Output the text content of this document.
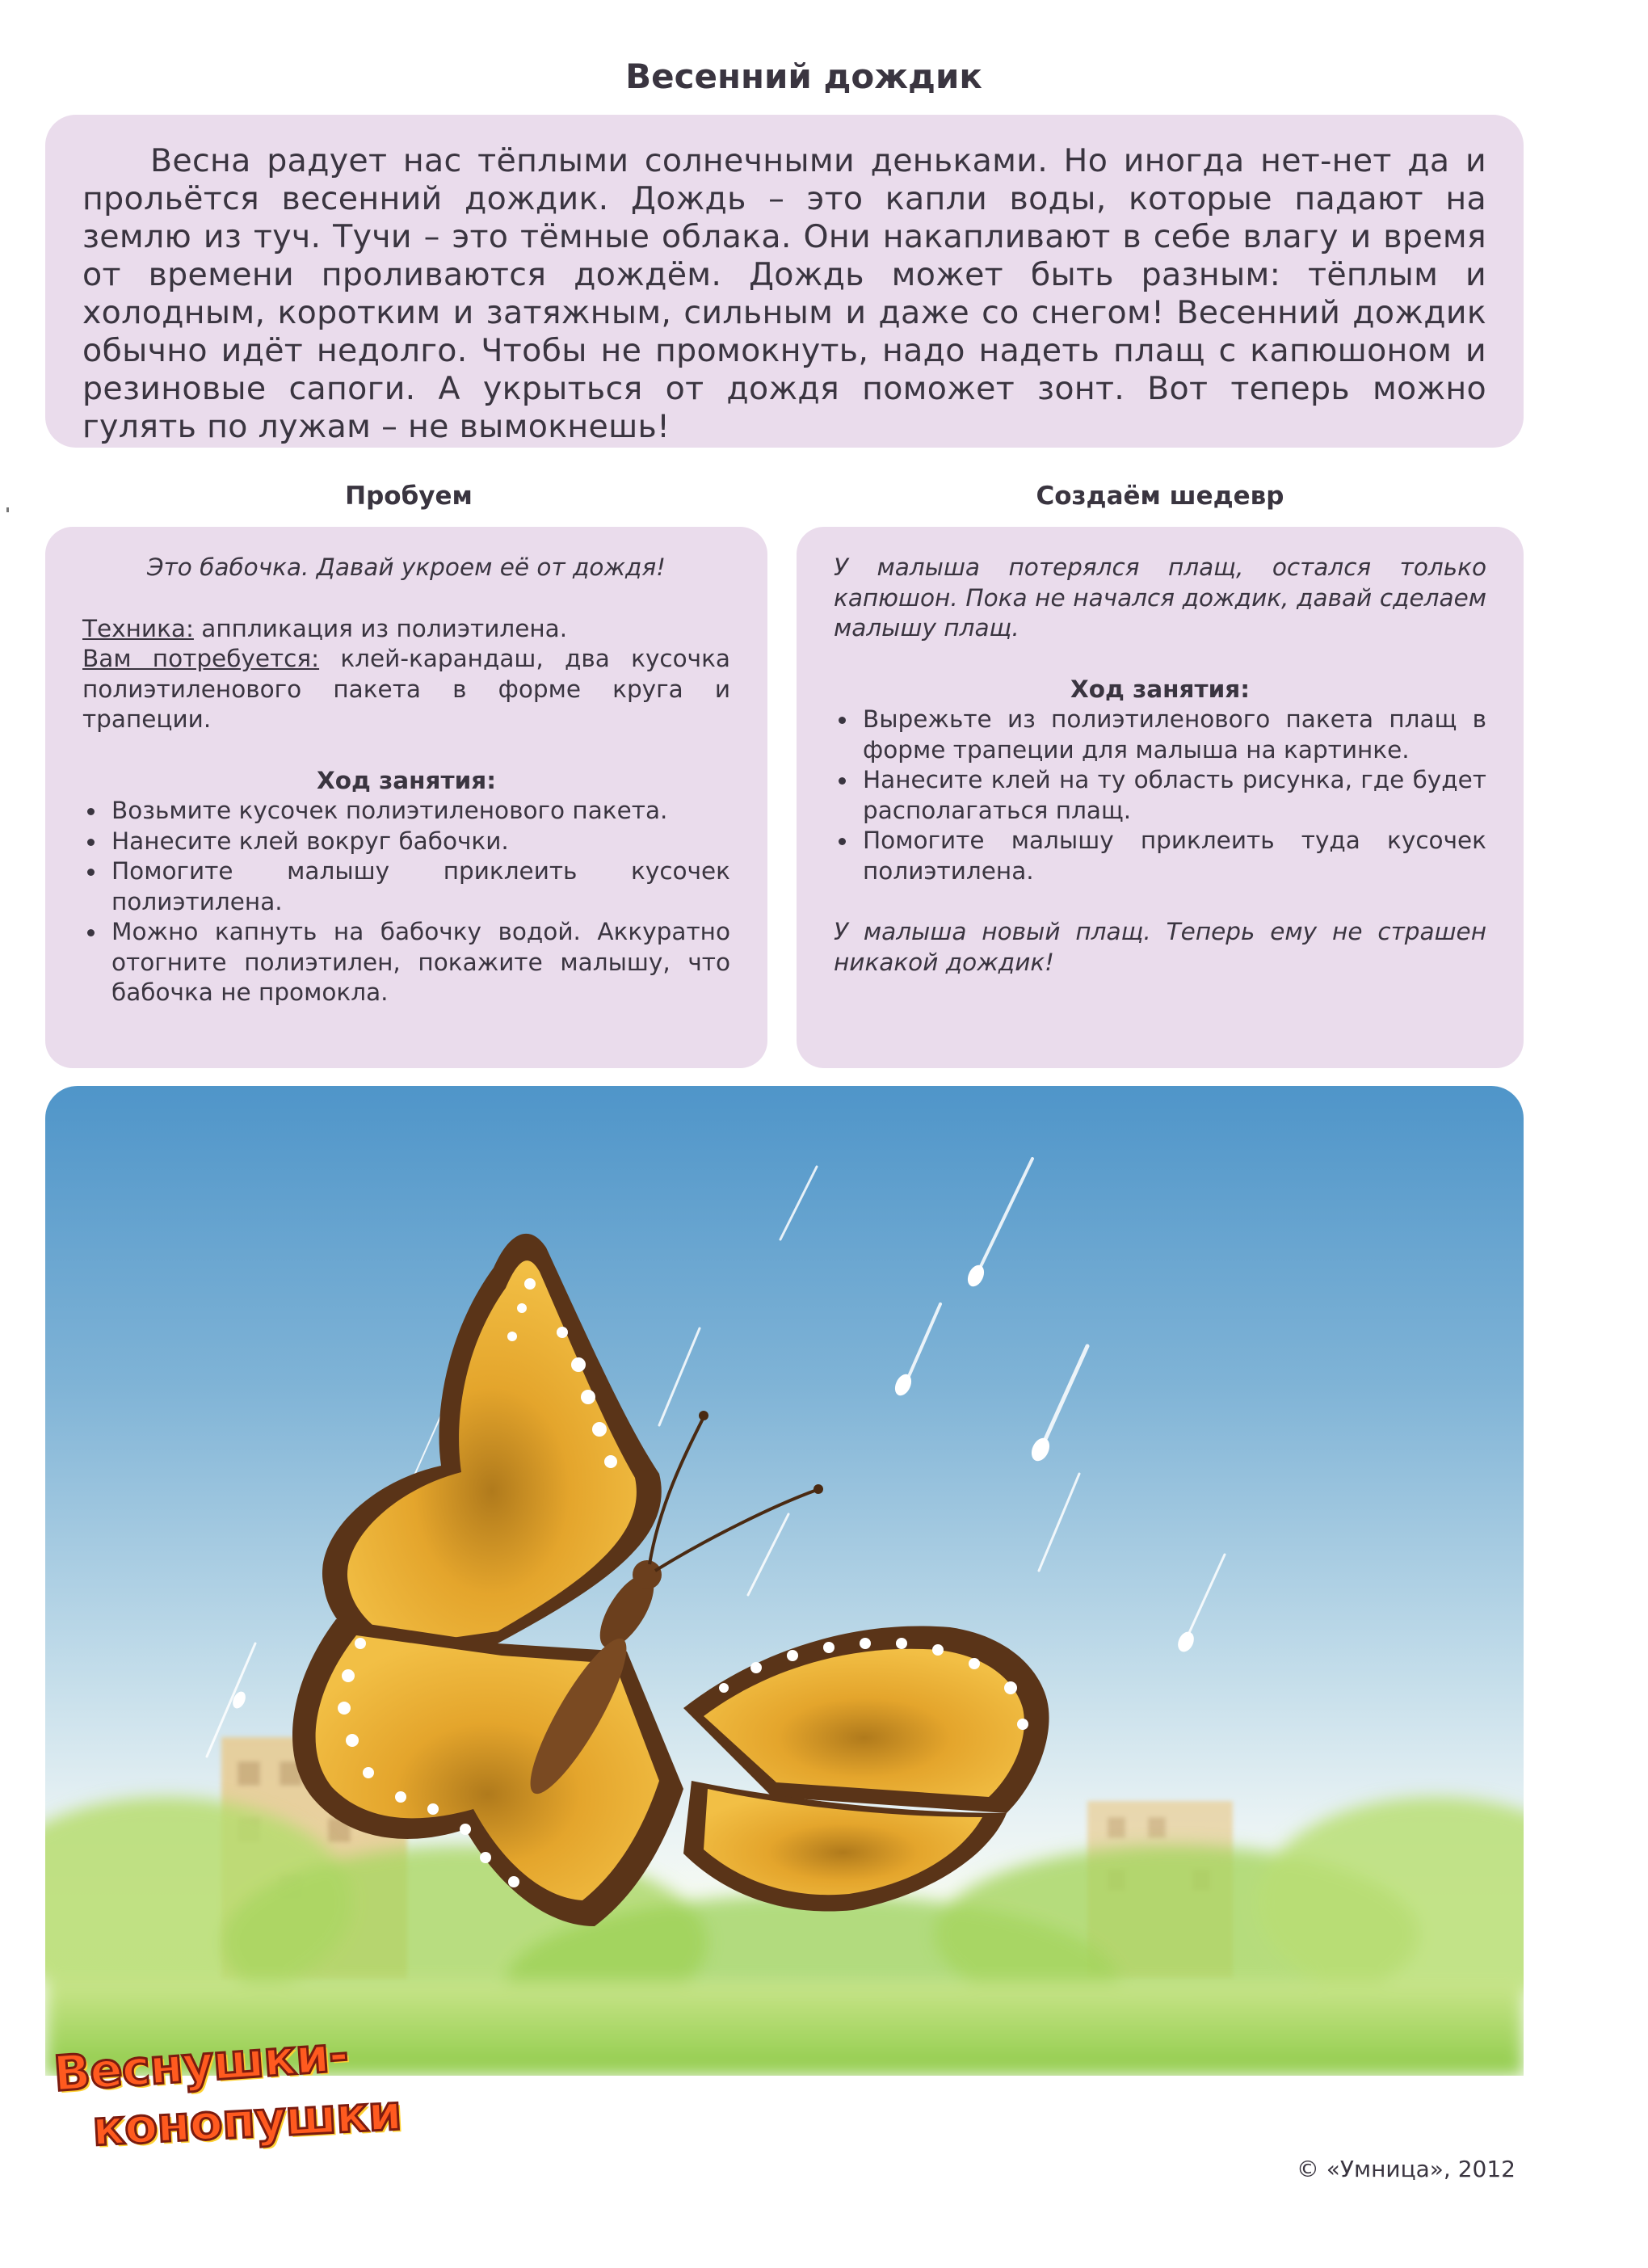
Весенний дождик
Весна радует нас тёплыми солнечными деньками. Но иногда нет-нет да и прольётся весенний дождик. Дождь – это капли воды, которые падают на землю из туч. Тучи – это тёмные облака. Они накапливают в себе влагу и время от времени проливаются дождём. Дождь может быть разным: тёплым и холодным, коротким и затяжным, сильным и даже со снегом! Весенний дождик обычно идёт недолго. Чтобы не промокнуть, надо надеть плащ с капюшоном и резиновые сапоги. А укрыться от дождя поможет зонт. Вот теперь можно гулять по лужам – не вымокнешь!
Пробуем	Создаём шедевр

Это бабочка. Давай укроем её от дождя!

Техника: аппликация из полиэтилена.

Вам потребуется: клей-карандаш, два кусочка полиэтиленового пакета в форме круга и трапеции.

Ход занятия:

Возьмите кусочек полиэтиленового пакета.
Нанесите клей вокруг бабочки.
Помогите малышу приклеить кусочек полиэтилена.
Можно капнуть на бабочку водой. Аккуратно отогните полиэтилен, покажите малышу, что бабочка не промокла.

У малыша потерялся плащ, остался только капюшон. Пока не начался дождик, давай сделаем малышу плащ.

Ход занятия:

Вырежьте из полиэтиленового пакета плащ в форме трапеции для малыша на картинке.
Нанесите клей на ту область рисунка, где будет располагаться плащ.
Помогите малышу приклеить туда кусочек полиэтилена.

У малыша новый плащ. Теперь ему не страшен никакой дождик!

Веснушки-
конопушки
© «Умница», 2012
